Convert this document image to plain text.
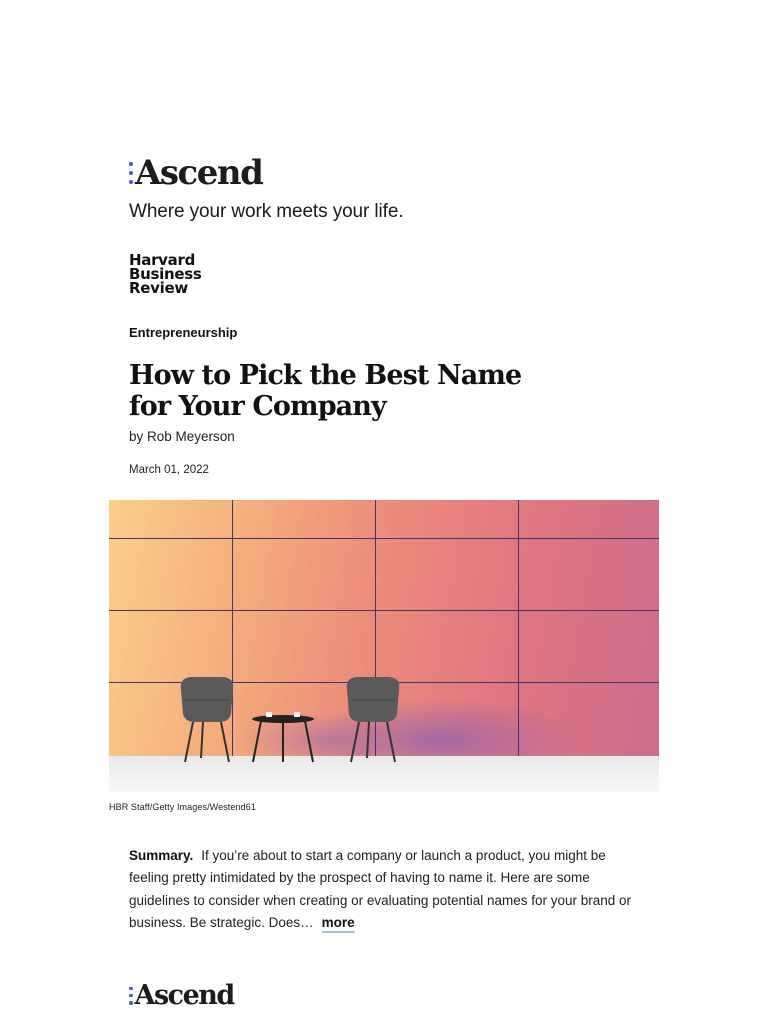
Ascend
Where your work meets your life.
Harvard
Business
Review
Entrepreneurship
How to Pick the Best Name for Your Company
by Rob Meyerson
March 01, 2022
HBR Staff/Getty Images/Westend61
Summary. If you’re about to start a company or launch a product, you might be feeling pretty intimidated by the prospect of having to name it. Here are some guidelines to consider when creating or evaluating potential names for your brand or business. Be strategic. Does… more
Ascend
